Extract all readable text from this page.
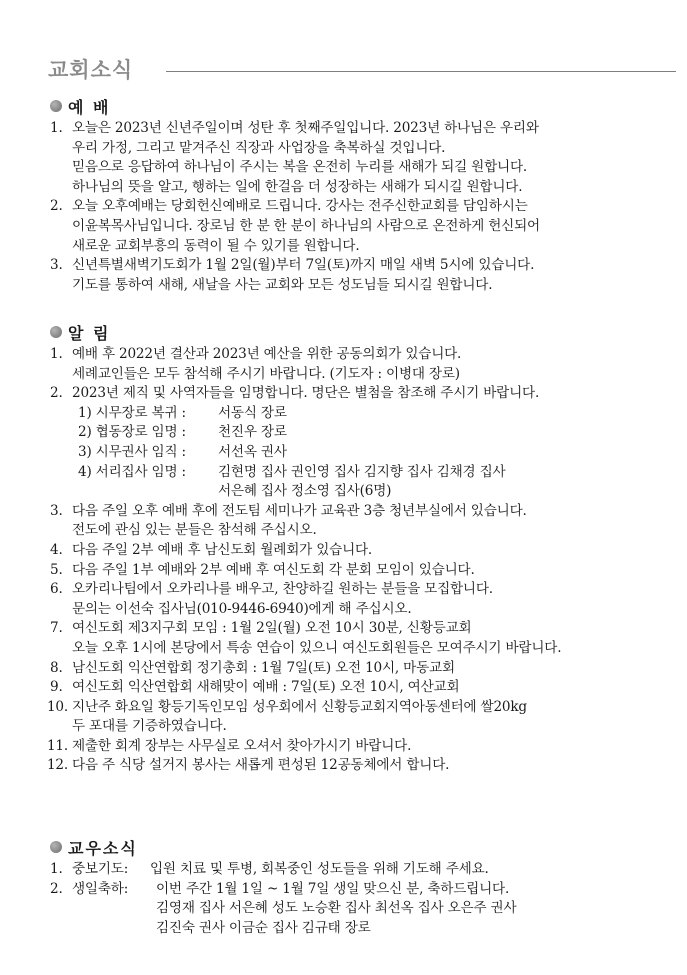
교회소식
예 배
1. 오늘은 2023년 신년주일이며 성탄 후 첫째주일입니다. 2023년 하나님은 우리와
우리 가정, 그리고 맡겨주신 직장과 사업장을 축복하실 것입니다.
믿음으로 응답하여 하나님이 주시는 복을 온전히 누리를 새해가 되길 원합니다.
하나님의 뜻을 알고, 행하는 일에 한걸음 더 성장하는 새해가 되시길 원합니다.
2. 오늘 오후예배는 당회헌신예배로 드립니다. 강사는 전주신한교회를 담임하시는
이윤복목사님입니다. 장로님 한 분 한 분이 하나님의 사람으로 온전하게 헌신되어
새로운 교회부흥의 동력이 될 수 있기를 원합니다.
3. 신년특별새벽기도회가 1월 2일(월)부터 7일(토)까지 매일 새벽 5시에 있습니다.
기도를 통하여 새해, 새날을 사는 교회와 모든 성도님들 되시길 원합니다.
알 림
1. 예배 후 2022년 결산과 2023년 예산을 위한 공동의회가 있습니다.
세례교인들은 모두 참석해 주시기 바랍니다. (기도자 : 이병대 장로)
2. 2023년 제직 및 사역자들을 임명합니다. 명단은 별첨을 참조해 주시기 바랍니다.
1) 시무장로 복귀 : 서동식 장로
2) 협동장로 임명 : 천진우 장로
3) 시무권사 임직 : 서선옥 권사
4) 서리집사 임명 : 김현명 집사 권인영 집사 김지향 집사 김채경 집사
서은혜 집사 정소영 집사(6명)
3. 다음 주일 오후 예배 후에 전도팀 세미나가 교육관 3층 청년부실에서 있습니다.
전도에 관심 있는 분들은 참석해 주십시오.
4. 다음 주일 2부 예배 후 남신도회 월례회가 있습니다.
5. 다음 주일 1부 예배와 2부 예배 후 여신도회 각 분회 모임이 있습니다.
6. 오카리나팀에서 오카리나를 배우고, 찬양하길 원하는 분들을 모집합니다.
문의는 이선숙 집사님(010-9446-6940)에게 해 주십시오.
7. 여신도회 제3지구회 모임 : 1월 2일(월) 오전 10시 30분, 신황등교회
오늘 오후 1시에 본당에서 특송 연습이 있으니 여신도회원들은 모여주시기 바랍니다.
8. 남신도회 익산연합회 정기총회 : 1월 7일(토) 오전 10시, 마동교회
9. 여신도회 익산연합회 새해맞이 예배 : 7일(토) 오전 10시, 여산교회
10. 지난주 화요일 황등기독인모임 성우회에서 신황등교회지역아동센터에 쌀20kg
두 포대를 기증하였습니다.
11. 제출한 회계 장부는 사무실로 오셔서 찾아가시기 바랍니다.
12. 다음 주 식당 설거지 봉사는 새롭게 편성된 12공동체에서 합니다.
교우소식
1. 중보기도: 입원 치료 및 투병, 회복중인 성도들을 위해 기도해 주세요.
2. 생일축하: 이번 주간 1월 1일 ~ 1월 7일 생일 맞으신 분, 축하드립니다.
김영재 집사 서은혜 성도 노승환 집사 최선옥 집사 오은주 권사
김진숙 권사 이금순 집사 김규태 장로
